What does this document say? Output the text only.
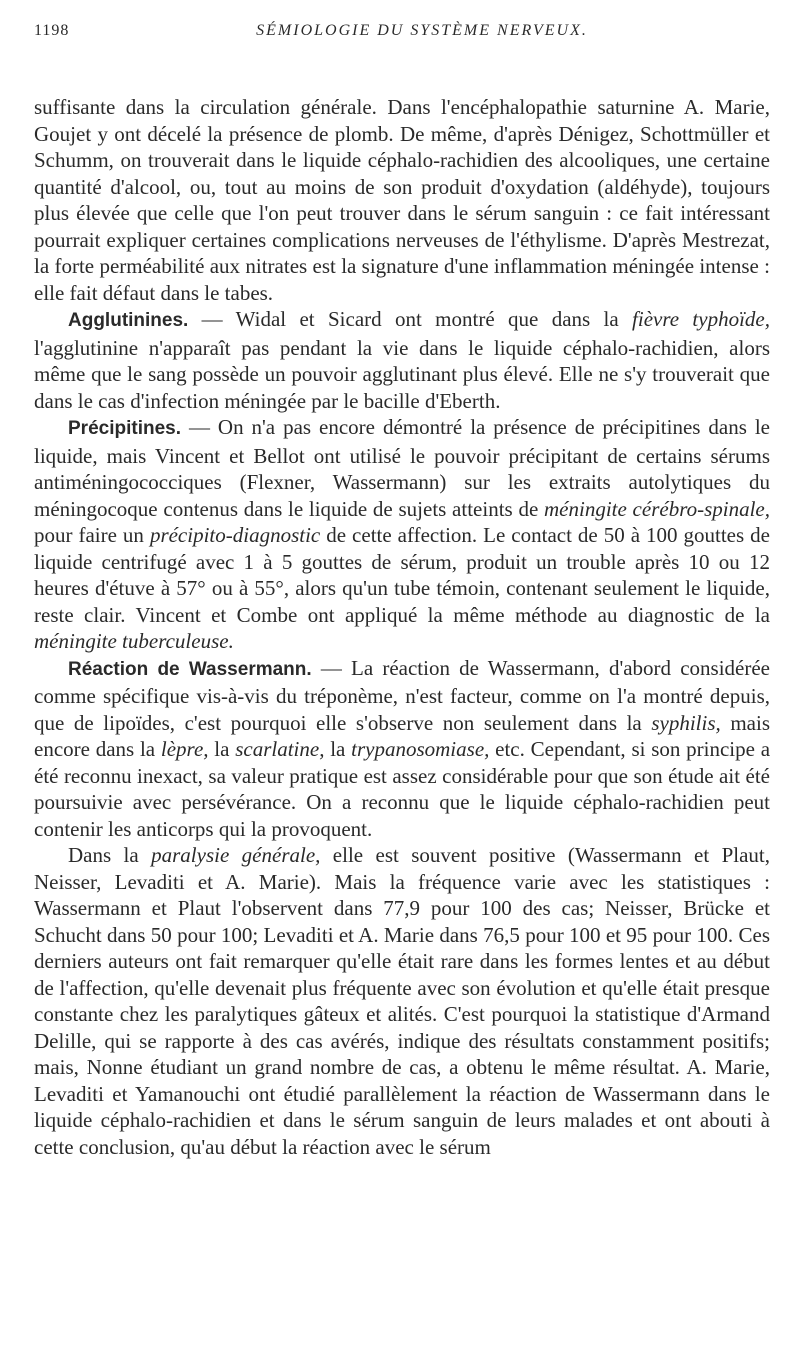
1198	SÉMIOLOGIE DU SYSTÈME NERVEUX.

suffisante dans la circulation générale. Dans l'encéphalopathie saturnine A. Marie, Goujet y ont décelé la présence de plomb. De même, d'après Dénigez, Schottmüller et Schumm, on trouverait dans le liquide céphalo-rachidien des alcooliques, une certaine quantité d'alcool, ou, tout au moins de son produit d'oxydation (aldéhyde), toujours plus élevée que celle que l'on peut trouver dans le sérum sanguin : ce fait intéressant pourrait expliquer certaines complications nerveuses de l'éthylisme. D'après Mestrezat, la forte perméabilité aux nitrates est la signature d'une inflammation méningée intense : elle fait défaut dans le tabes.

Agglutinines. — Widal et Sicard ont montré que dans la fièvre typhoïde, l'agglutinine n'apparaît pas pendant la vie dans le liquide céphalo-rachidien, alors même que le sang possède un pouvoir agglutinant plus élevé. Elle ne s'y trouverait que dans le cas d'infection méningée par le bacille d'Eberth.

Précipitines. — On n'a pas encore démontré la présence de précipitines dans le liquide, mais Vincent et Bellot ont utilisé le pouvoir précipitant de certains sérums antiméningococciques (Flexner, Wassermann) sur les extraits autolytiques du méningocoque contenus dans le liquide de sujets atteints de méningite cérébro-spinale, pour faire un précipito-diagnostic de cette affection. Le contact de 50 à 100 gouttes de liquide centrifugé avec 1 à 5 gouttes de sérum, produit un trouble après 10 ou 12 heures d'étuve à 57° ou à 55°, alors qu'un tube témoin, contenant seulement le liquide, reste clair. Vincent et Combe ont appliqué la même méthode au diagnostic de la méningite tuberculeuse.

Réaction de Wassermann. — La réaction de Wassermann, d'abord considérée comme spécifique vis-à-vis du tréponème, n'est facteur, comme on l'a montré depuis, que de lipoïdes, c'est pourquoi elle s'observe non seulement dans la syphilis, mais encore dans la lèpre, la scarlatine, la trypanosomiase, etc. Cependant, si son principe a été reconnu inexact, sa valeur pratique est assez considérable pour que son étude ait été poursuivie avec persévérance. On a reconnu que le liquide céphalo-rachidien peut contenir les anticorps qui la provoquent.

Dans la paralysie générale, elle est souvent positive (Wassermann et Plaut, Neisser, Levaditi et A. Marie). Mais la fréquence varie avec les statistiques : Wassermann et Plaut l'observent dans 77,9 pour 100 des cas; Neisser, Brücke et Schucht dans 50 pour 100; Levaditi et A. Marie dans 76,5 pour 100 et 95 pour 100. Ces derniers auteurs ont fait remarquer qu'elle était rare dans les formes lentes et au début de l'affection, qu'elle devenait plus fréquente avec son évolution et qu'elle était presque constante chez les paralytiques gâteux et alités. C'est pourquoi la statistique d'Armand Delille, qui se rapporte à des cas avérés, indique des résultats constamment positifs; mais, Nonne étudiant un grand nombre de cas, a obtenu le même résultat. A. Marie, Levaditi et Yamanouchi ont étudié parallèlement la réaction de Wassermann dans le liquide céphalo-rachidien et dans le sérum sanguin de leurs malades et ont abouti à cette conclusion, qu'au début la réaction avec le sérum
